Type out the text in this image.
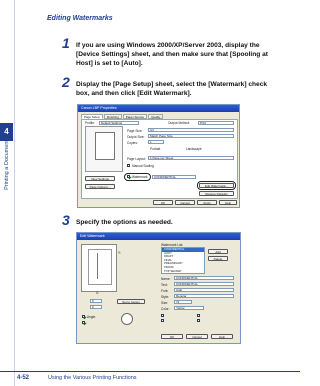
4
Printing a Document
Editing Watermarks
1 If you are using Windows 2000/XP/Server 2003, display the
[Device Settings] sheet, and then make sure that [Spooling at
Host] is set to [Auto].
2 Display the [Page Setup] sheet, select the [Watermark] check
box, and then click [Edit Watermark].
Canon LBP Properties
Page Setup	Finishing	Paper Source	Quality
Profile:	Default Settings	Output Method:	Print
Page Size:	A4
Output Size:	Match Page Size
Copies:	1
Portrait	Landscape
Page Layout:	1 Page per Sheet
Manual Scaling
Watermark	CONFIDENTIAL
Edit Watermark...
View Settings
Page Options...
Restore Defaults
OK	Cancel	Apply	Help
3 Specify the options as needed.
Edit Watermark
Y:
X:
0
0
Set to Center
Angle:
Watermark List:
CONFIDENTIAL
COPY
DRAFT
FINAL
PRELIMINARY
PROOF
TOP SECRET
Add
Delete
Name:	CONFIDENTIAL
Text:	CONFIDENTIAL
Font:	Arial
Style:	Regular
Size:	72
Color:	Yellow
OK	Cancel	Help
4-52	Using the Various Printing Functions
